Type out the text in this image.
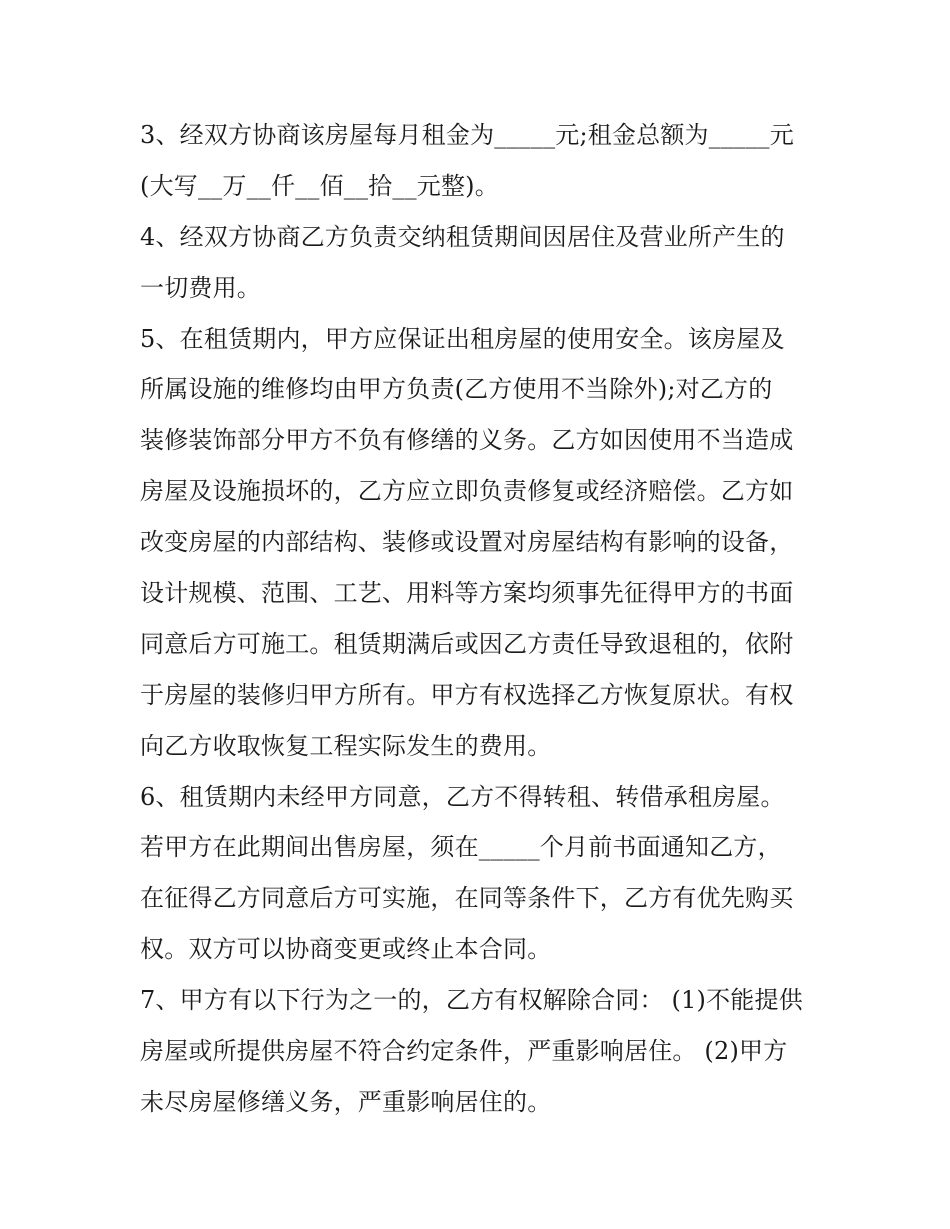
3、经双方协商该房屋每月租金为_____元;租金总额为_____元
(大写__万__仟__佰__拾__元整)。
4、经双方协商乙方负责交纳租赁期间因居住及营业所产生的
一切费用。
5、在租赁期内，甲方应保证出租房屋的使用安全。该房屋及
所属设施的维修均由甲方负责(乙方使用不当除外);对乙方的
装修装饰部分甲方不负有修缮的义务。乙方如因使用不当造成
房屋及设施损坏的，乙方应立即负责修复或经济赔偿。乙方如
改变房屋的内部结构、装修或设置对房屋结构有影响的设备，
设计规模、范围、工艺、用料等方案均须事先征得甲方的书面
同意后方可施工。租赁期满后或因乙方责任导致退租的，依附
于房屋的装修归甲方所有。甲方有权选择乙方恢复原状。有权
向乙方收取恢复工程实际发生的费用。
6、租赁期内未经甲方同意，乙方不得转租、转借承租房屋。
若甲方在此期间出售房屋，须在_____个月前书面通知乙方，
在征得乙方同意后方可实施，在同等条件下，乙方有优先购买
权。双方可以协商变更或终止本合同。
7、甲方有以下行为之一的，乙方有权解除合同： (1)不能提供
房屋或所提供房屋不符合约定条件，严重影响居住。 (2)甲方
未尽房屋修缮义务，严重影响居住的。
